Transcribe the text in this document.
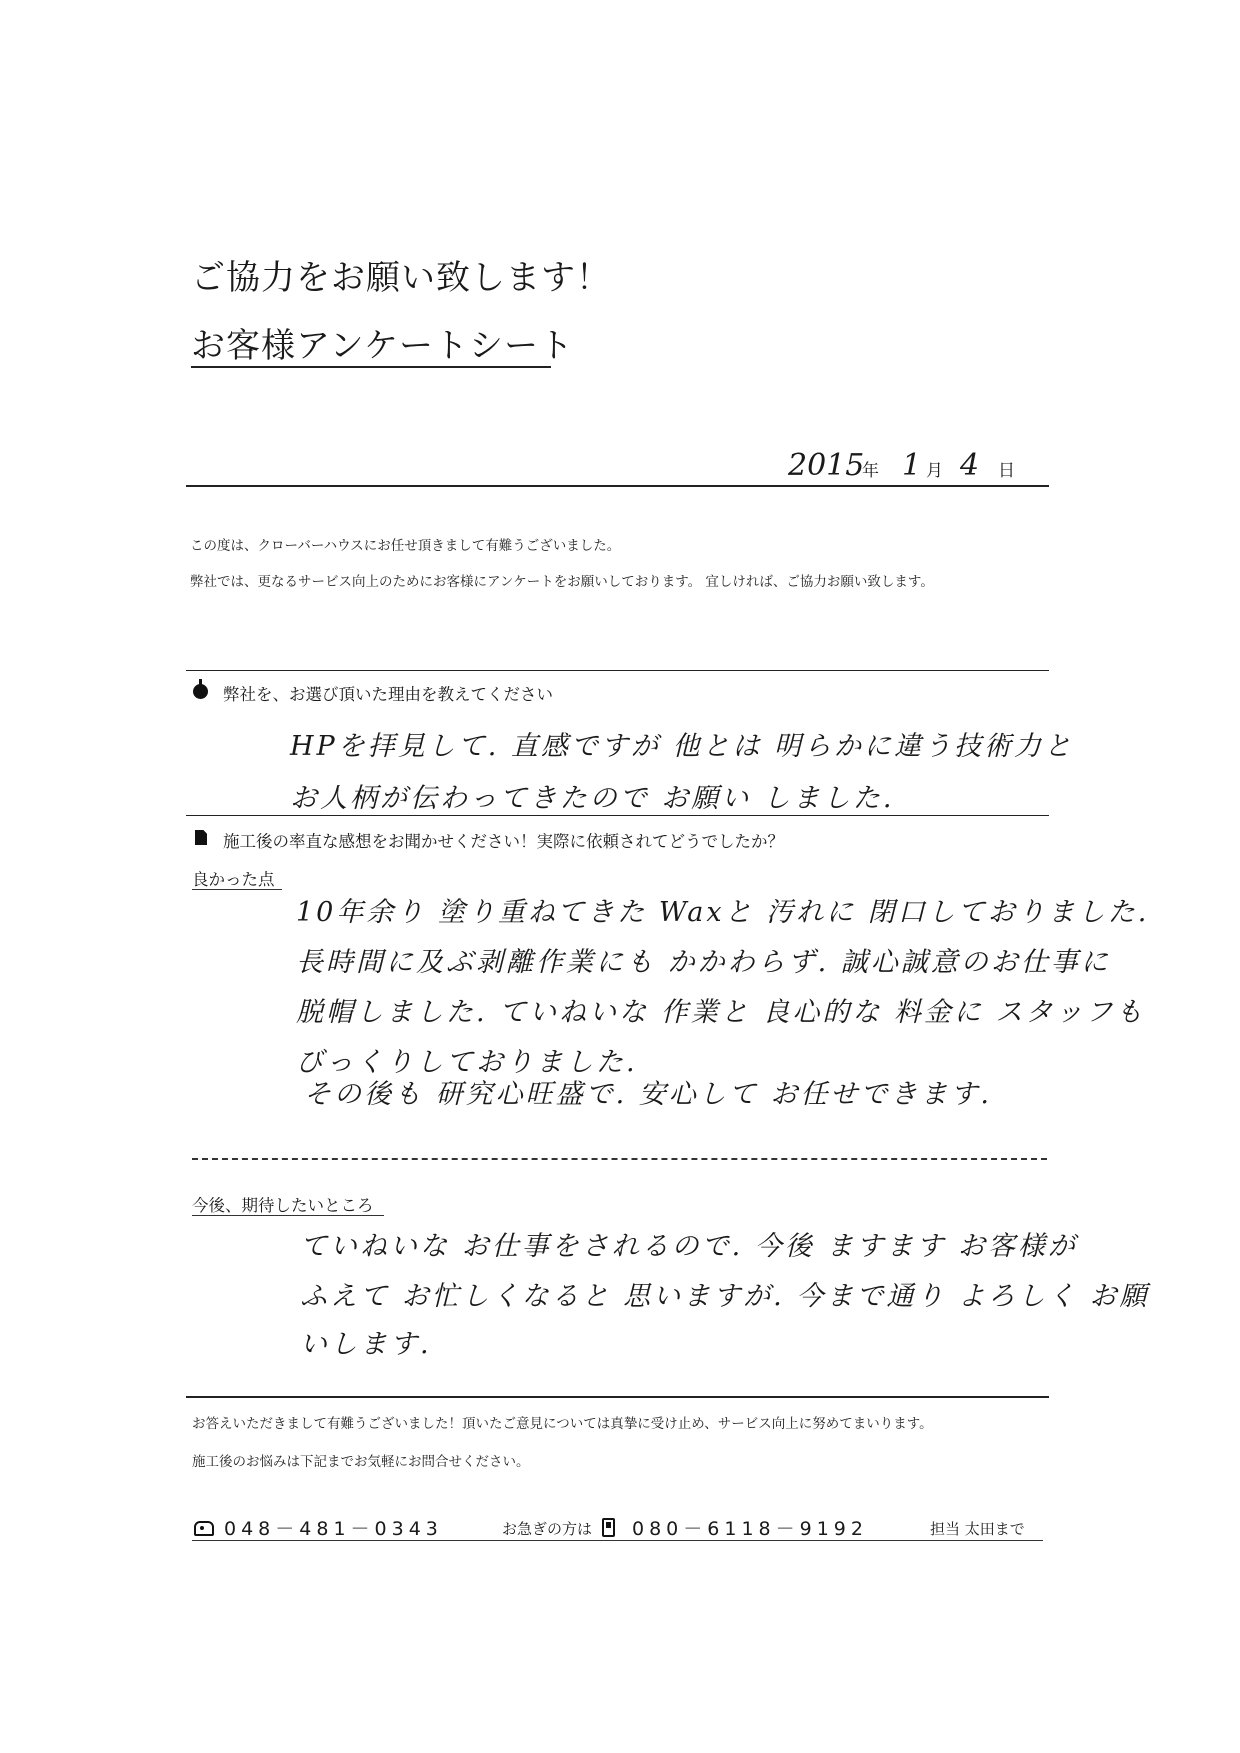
ご協力をお願い致します！
お客様アンケートシート
2015
年 1 月 4 日
この度は、クローバーハウスにお任せ頂きまして有難うございました。
弊社では、更なるサービス向上のためにお客様にアンケートをお願いしております。 宜しければ、ご協力お願い致します。
弊社を、お選び頂いた理由を教えてください
HPを拝見して. 直感ですが 他とは 明らかに違う技術力と
お人柄が伝わってきたので お願い しました.
施工後の率直な感想をお聞かせください！実際に依頼されてどうでしたか？
良かった点
10年余り 塗り重ねてきた Waxと 汚れに 閉口しておりました.
長時間に及ぶ剥離作業にも かかわらず. 誠心誠意のお仕事に
脱帽しました. ていねいな 作業と 良心的な 料金に スタッフも
びっくりしておりました.
その後も 研究心旺盛で. 安心して お任せできます.
今後、期待したいところ
ていねいな お仕事をされるので. 今後 ますます お客様が
ふえて お忙しくなると 思いますが. 今まで通り よろしく お願
いします.
お答えいただきまして有難うございました！頂いたご意見については真摯に受け止め、サービス向上に努めてまいります。
施工後のお悩みは下記までお気軽にお問合せください。
048－481－0343	お急ぎの方は 080－6118－9192	担当 太田まで
